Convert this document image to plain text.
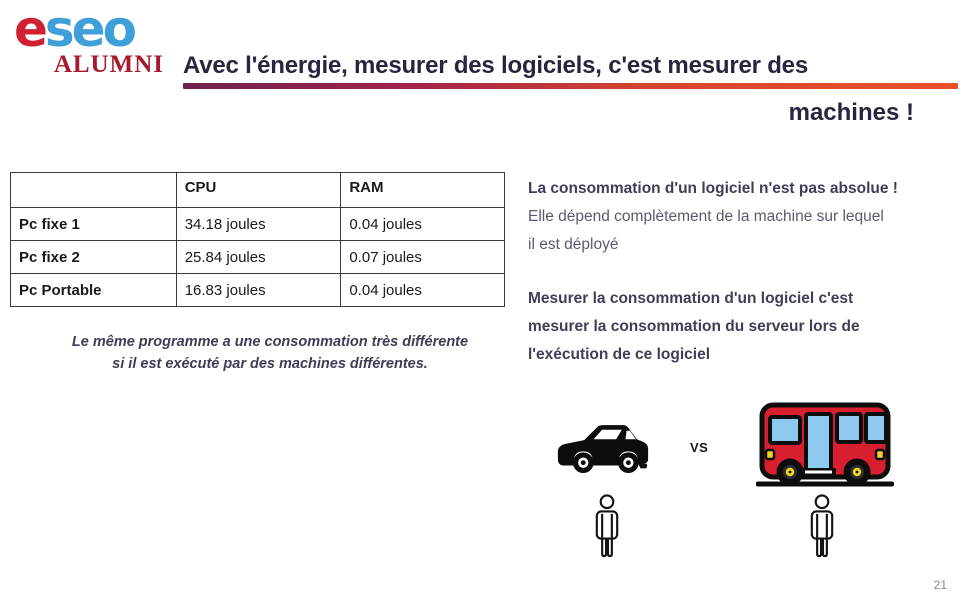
eseo
ALUMNI Avec l'énergie, mesurer des logiciels, c'est mesurer des
machines !
	CPU	RAM
Pc fixe 1	34.18 joules	0.04 joules
Pc fixe 2	25.84 joules	0.07 joules
Pc Portable	16.83 joules	0.04 joules
Le même programme a une consommation très différente si il est exécuté par des machines différentes.
La consommation d'un logiciel n'est pas absolue !
Elle dépend complètement de la machine sur lequel
il est déployé
Mesurer la consommation d'un logiciel c'est
mesurer la consommation du serveur lors de
l'exécution de ce logiciel
VS
21
